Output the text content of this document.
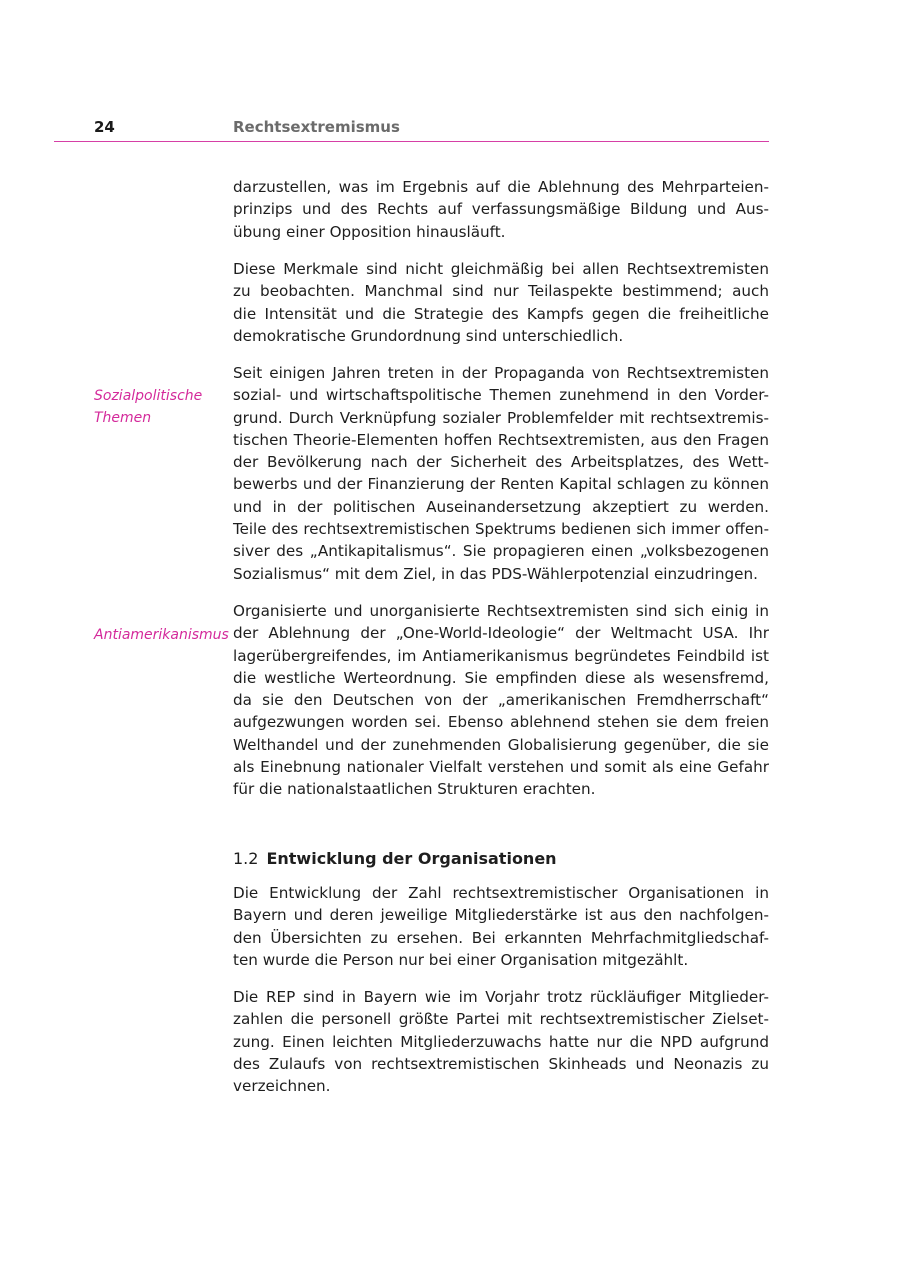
24	Rechtsextremismus
darzustellen, was im Ergebnis auf die Ablehnung des Mehrparteien-
prinzips und des Rechts auf verfassungsmäßige Bildung und Aus-
übung einer Opposition hinausläuft.
Diese Merkmale sind nicht gleichmäßig bei allen Rechtsextremisten
zu beobachten. Manchmal sind nur Teilaspekte bestimmend; auch
die Intensität und die Strategie des Kampfs gegen die freiheitliche
demokratische Grundordnung sind unterschiedlich.
Sozialpolitische
Themen
Seit einigen Jahren treten in der Propaganda von Rechtsextremisten
sozial- und wirtschaftspolitische Themen zunehmend in den Vorder-
grund. Durch Verknüpfung sozialer Problemfelder mit rechtsextremis-
tischen Theorie-Elementen hoffen Rechtsextremisten, aus den Fragen
der Bevölkerung nach der Sicherheit des Arbeitsplatzes, des Wett-
bewerbs und der Finanzierung der Renten Kapital schlagen zu können
und in der politischen Auseinandersetzung akzeptiert zu werden.
Teile des rechtsextremistischen Spektrums bedienen sich immer offen-
siver des „Antikapitalismus“. Sie propagieren einen „volksbezogenen
Sozialismus“ mit dem Ziel, in das PDS-Wählerpotenzial einzudringen.
Antiamerikanismus
Organisierte und unorganisierte Rechtsextremisten sind sich einig in
der Ablehnung der „One-World-Ideologie“ der Weltmacht USA. Ihr
lagerübergreifendes, im Antiamerikanismus begründetes Feindbild ist
die westliche Werteordnung. Sie empfinden diese als wesensfremd,
da sie den Deutschen von der „amerikanischen Fremdherrschaft“
aufgezwungen worden sei. Ebenso ablehnend stehen sie dem freien
Welthandel und der zunehmenden Globalisierung gegenüber, die sie
als Einebnung nationaler Vielfalt verstehen und somit als eine Gefahr
für die nationalstaatlichen Strukturen erachten.
1.2 Entwicklung der Organisationen
Die Entwicklung der Zahl rechtsextremistischer Organisationen in
Bayern und deren jeweilige Mitgliederstärke ist aus den nachfolgen-
den Übersichten zu ersehen. Bei erkannten Mehrfachmitgliedschaf-
ten wurde die Person nur bei einer Organisation mitgezählt.
Die REP sind in Bayern wie im Vorjahr trotz rückläufiger Mitglieder-
zahlen die personell größte Partei mit rechtsextremistischer Zielset-
zung. Einen leichten Mitgliederzuwachs hatte nur die NPD aufgrund
des Zulaufs von rechtsextremistischen Skinheads und Neonazis zu
verzeichnen.
